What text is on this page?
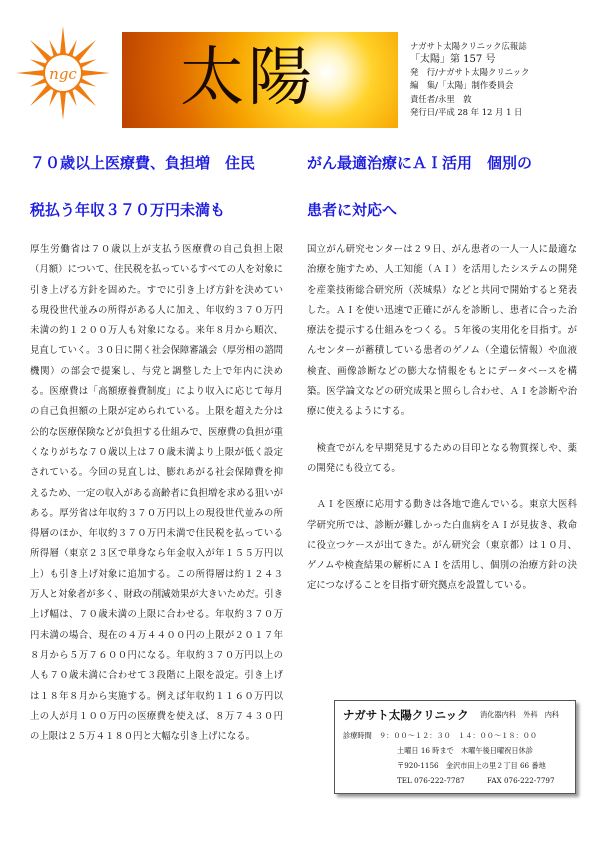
ngc 太陽	ナガサト太陽クリニック広報誌
「太陽」第 157 号
発　行/ナガサト太陽クリニック
編　集/「太陽」制作委員会
責任者/永里　敦
発行日/平成 28 年 12 月 1 日
７０歳以上医療費、負担増　住民
税払う年収３７０万円未満も

厚生労働省は７０歳以上が支払う医療費の自己負担上限（月額）について、住民税を払っているすべての人を対象に引き上げる方針を固めた。すでに引き上げ方針を決めている現役世代並みの所得がある人に加え、年収約３７０万円未満の約１２００万人も対象になる。来年８月から順次、見直していく。３０日に開く社会保障審議会（厚労相の諮問機関）の部会で提案し、与党と調整した上で年内に決める。医療費は「高額療養費制度」により収入に応じて毎月の自己負担額の上限が定められている。上限を超えた分は公的な医療保険などが負担する仕組みで、医療費の負担が重くなりがちな７０歳以上は７０歳未満より上限が低く設定されている。今回の見直しは、膨れあがる社会保障費を抑えるため、一定の収入がある高齢者に負担増を求める狙いがある。厚労省は年収約３７０万円以上の現役世代並みの所得層のほか、年収約３７０万円未満で住民税を払っている所得層（東京２３区で単身なら年金収入が年１５５万円以上）も引き上げ対象に追加する。この所得層は約１２４３万人と対象者が多く、財政の削減効果が大きいためだ。引き上げ幅は、７０歳未満の上限に合わせる。年収約３７０万円未満の場合、現在の４万４４００円の上限が２０１７年８月から５万７６００円になる。年収約３７０万円以上の人も７０歳未満に合わせて３段階に上限を設定。引き上げは１８年８月から実施する。例えば年収約１１６０万円以上の人が月１００万円の医療費を使えば、８万７４３０円の上限は２５万４１８０円と大幅な引き上げになる。

がん最適治療にＡＩ活用　個別の
患者に対応へ

国立がん研究センターは２９日、がん患者の一人一人に最適な治療を施すため、人工知能（ＡＩ）を活用したシステムの開発を産業技術総合研究所（茨城県）などと共同で開始すると発表した。ＡＩを使い迅速で正確にがんを診断し、患者に合った治療法を提示する仕組みをつくる。５年後の実用化を目指す。がんセンターが蓄積している患者のゲノム（全遺伝情報）や血液検査、画像診断などの膨大な情報をもとにデータベースを構築。医学論文などの研究成果と照らし合わせ、ＡＩを診断や治療に使えるようにする。

　検査でがんを早期発見するための目印となる物質探しや、薬の開発にも役立てる。

　ＡＩを医療に応用する動きは各地で進んでいる。東京大医科学研究所では、診断が難しかった白血病をＡＩが見抜き、救命に役立つケースが出てきた。がん研究会（東京都）は１０月、ゲノムや検査結果の解析にＡＩを活用し、個別の治療方針の決定につなげることを目指す研究拠点を設置している。

ナガサト太陽クリニック 消化器内科　外科　内科
診療時間　９：００～１２：３０　１４：００～１８：００
土曜日 16 時まで　木曜午後日曜祝日休診
〒920-1156　金沢市田上の里２丁目 66 番地
TEL 076-222-7787	FAX 076-222-7797
